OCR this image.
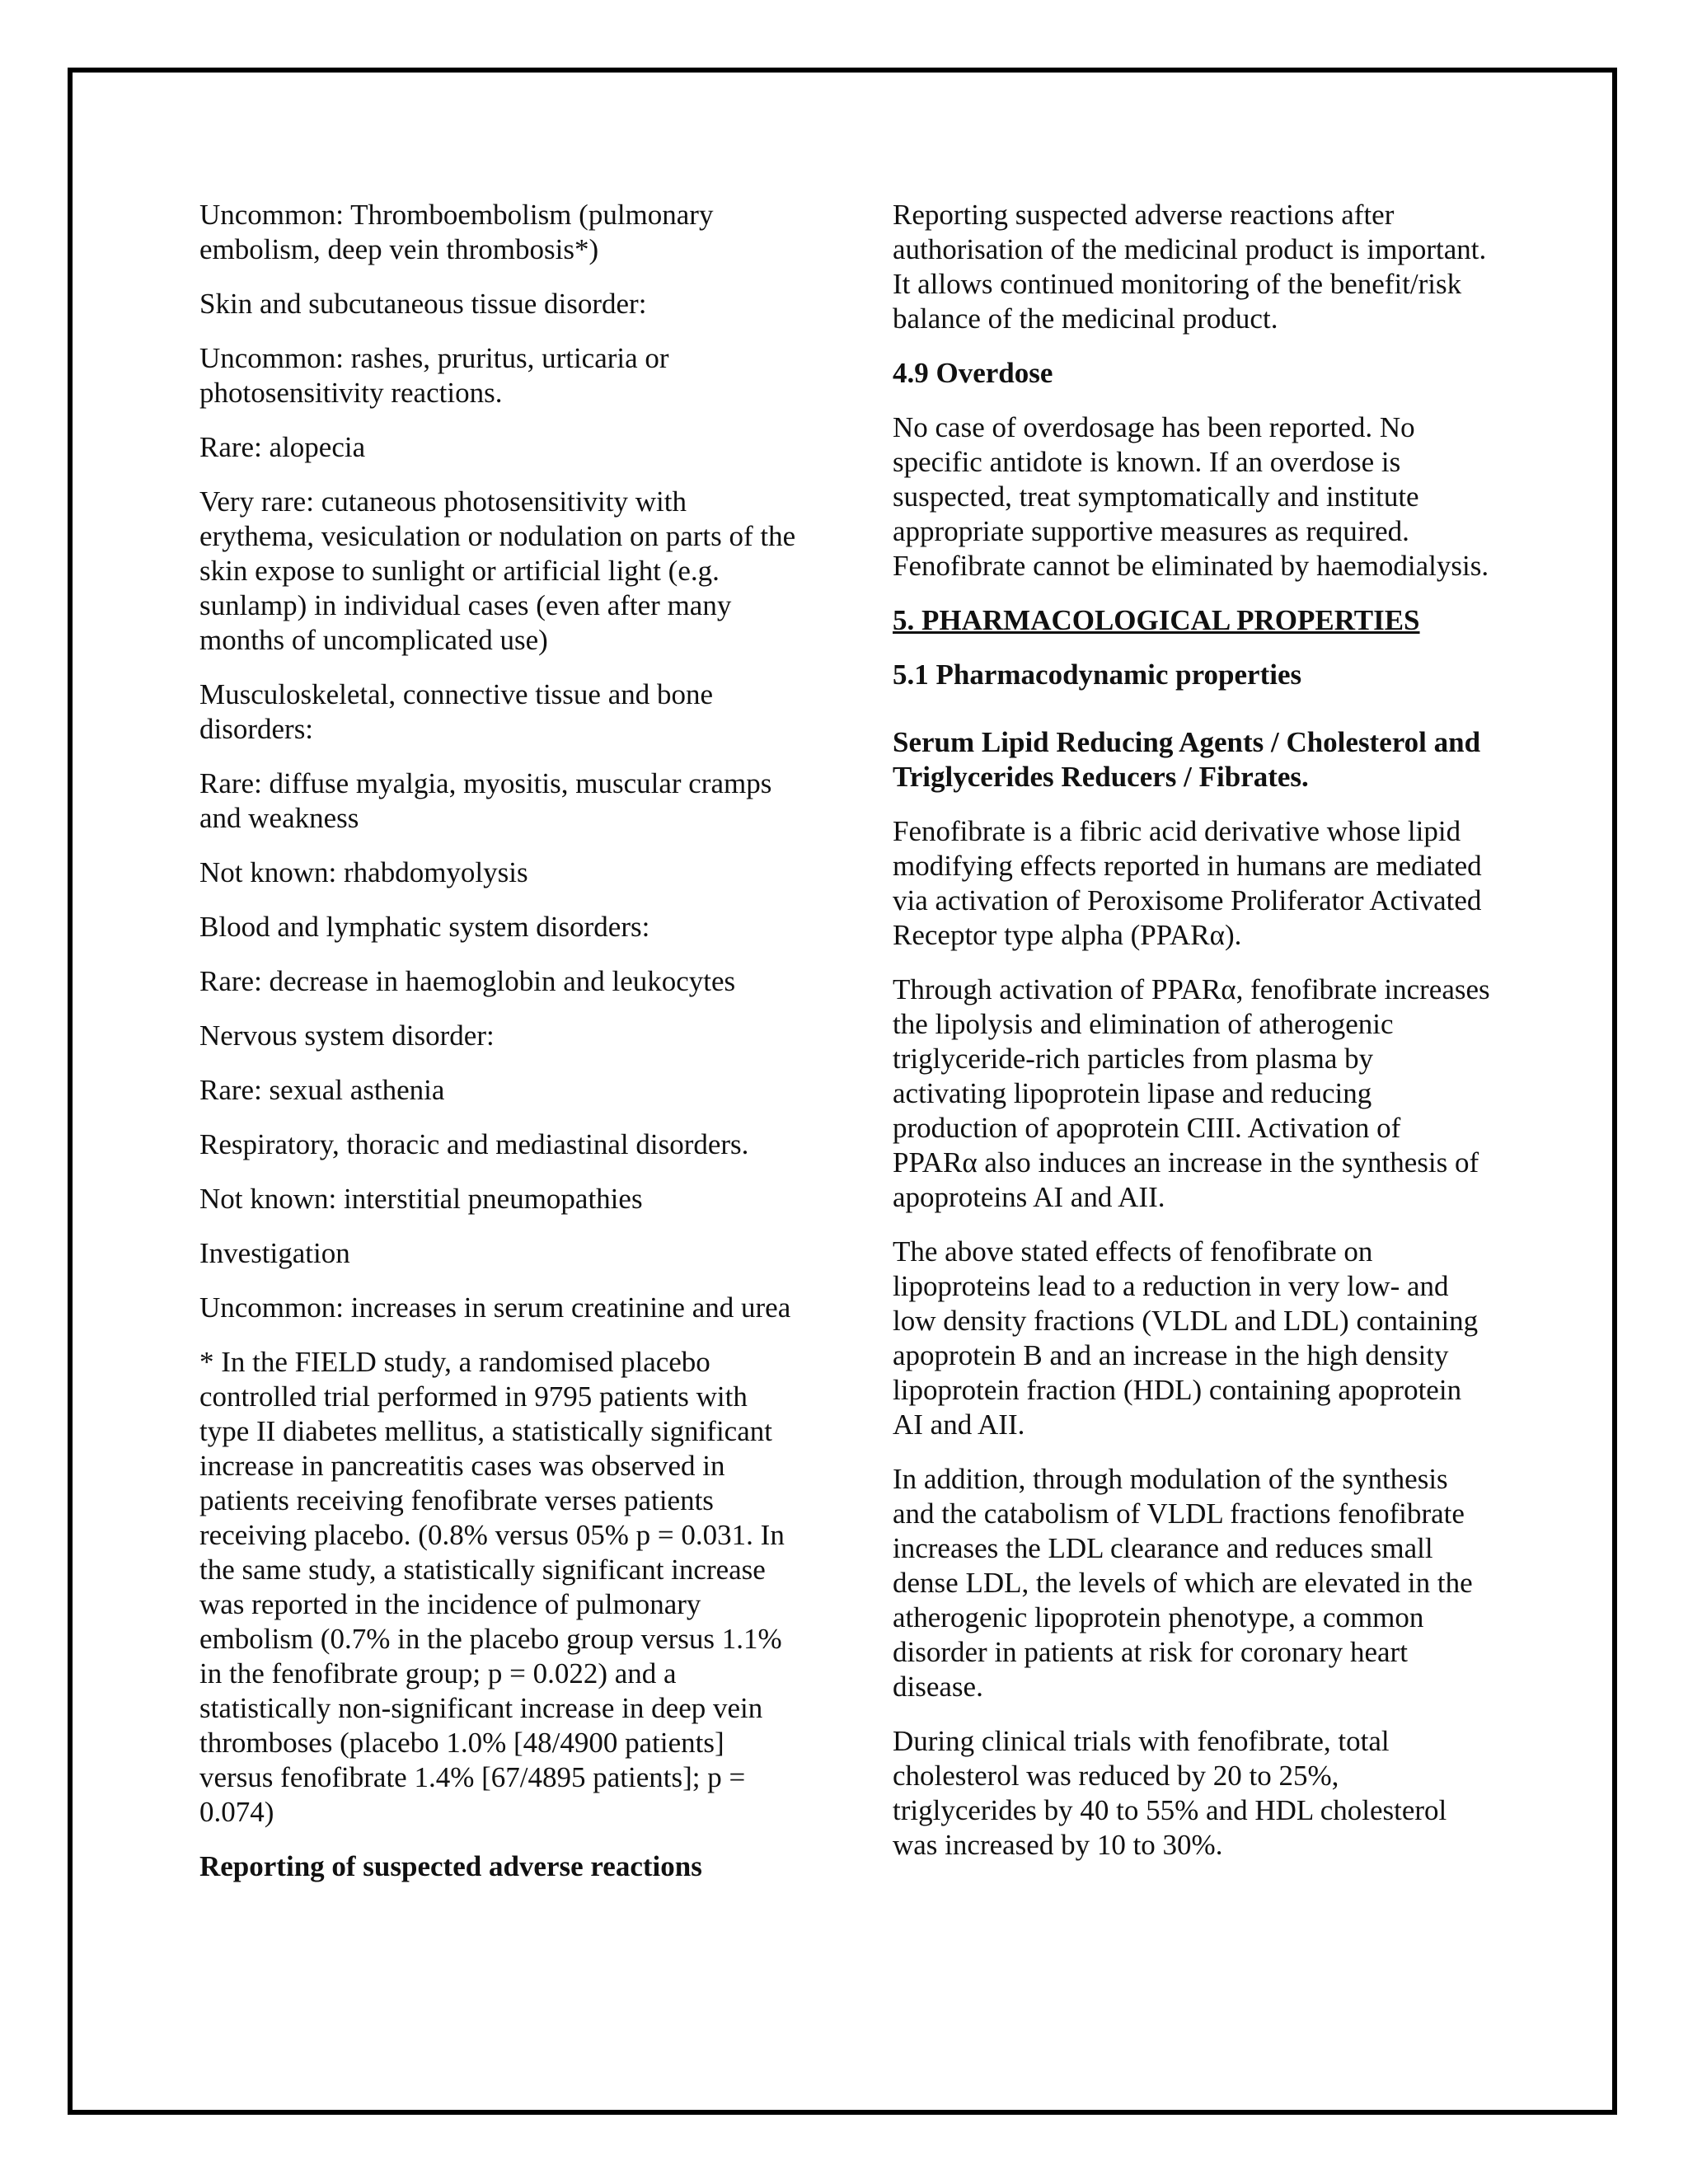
Uncommon: Thromboembolism (pulmonary embolism, deep vein thrombosis*)

Skin and subcutaneous tissue disorder:

Uncommon: rashes, pruritus, urticaria or photosensitivity reactions.

Rare: alopecia

Very rare: cutaneous photosensitivity with erythema, vesiculation or nodulation on parts of the skin expose to sunlight or artificial light (e.g. sunlamp) in individual cases (even after many months of uncomplicated use)

Musculoskeletal, connective tissue and bone disorders:

Rare: diffuse myalgia, myositis, muscular cramps and weakness

Not known: rhabdomyolysis

Blood and lymphatic system disorders:

Rare: decrease in haemoglobin and leukocytes

Nervous system disorder:

Rare: sexual asthenia

Respiratory, thoracic and mediastinal disorders.

Not known: interstitial pneumopathies

Investigation

Uncommon: increases in serum creatinine and urea

* In the FIELD study, a randomised placebo controlled trial performed in 9795 patients with type II diabetes mellitus, a statistically significant increase in pancreatitis cases was observed in patients receiving fenofibrate verses patients receiving placebo. (0.8% versus 05% p = 0.031. In the same study, a statistically significant increase was reported in the incidence of pulmonary embolism (0.7% in the placebo group versus 1.1% in the fenofibrate group; p = 0.022) and a statistically non-significant increase in deep vein thromboses (placebo 1.0% [48/4900 patients] versus fenofibrate 1.4% [67/4895 patients]; p = 0.074)

Reporting of suspected adverse reactions

Reporting suspected adverse reactions after authorisation of the medicinal product is important. It allows continued monitoring of the benefit/risk balance of the medicinal product.

4.9 Overdose

No case of overdosage has been reported. No specific antidote is known. If an overdose is suspected, treat symptomatically and institute appropriate supportive measures as required. Fenofibrate cannot be eliminated by haemodialysis.

5. PHARMACOLOGICAL PROPERTIES

5.1 Pharmacodynamic properties

Serum Lipid Reducing Agents / Cholesterol and Triglycerides Reducers / Fibrates.

Fenofibrate is a fibric acid derivative whose lipid modifying effects reported in humans are mediated via activation of Peroxisome Proliferator Activated Receptor type alpha (PPARα).

Through activation of PPARα, fenofibrate increases the lipolysis and elimination of atherogenic triglyceride-rich particles from plasma by activating lipoprotein lipase and reducing production of apoprotein CIII. Activation of PPARα also induces an increase in the synthesis of apoproteins AI and AII.

The above stated effects of fenofibrate on lipoproteins lead to a reduction in very low- and low density fractions (VLDL and LDL) containing apoprotein B and an increase in the high density lipoprotein fraction (HDL) containing apoprotein AI and AII.

In addition, through modulation of the synthesis and the catabolism of VLDL fractions fenofibrate increases the LDL clearance and reduces small dense LDL, the levels of which are elevated in the atherogenic lipoprotein phenotype, a common disorder in patients at risk for coronary heart disease.

During clinical trials with fenofibrate, total cholesterol was reduced by 20 to 25%, triglycerides by 40 to 55% and HDL cholesterol was increased by 10 to 30%.
